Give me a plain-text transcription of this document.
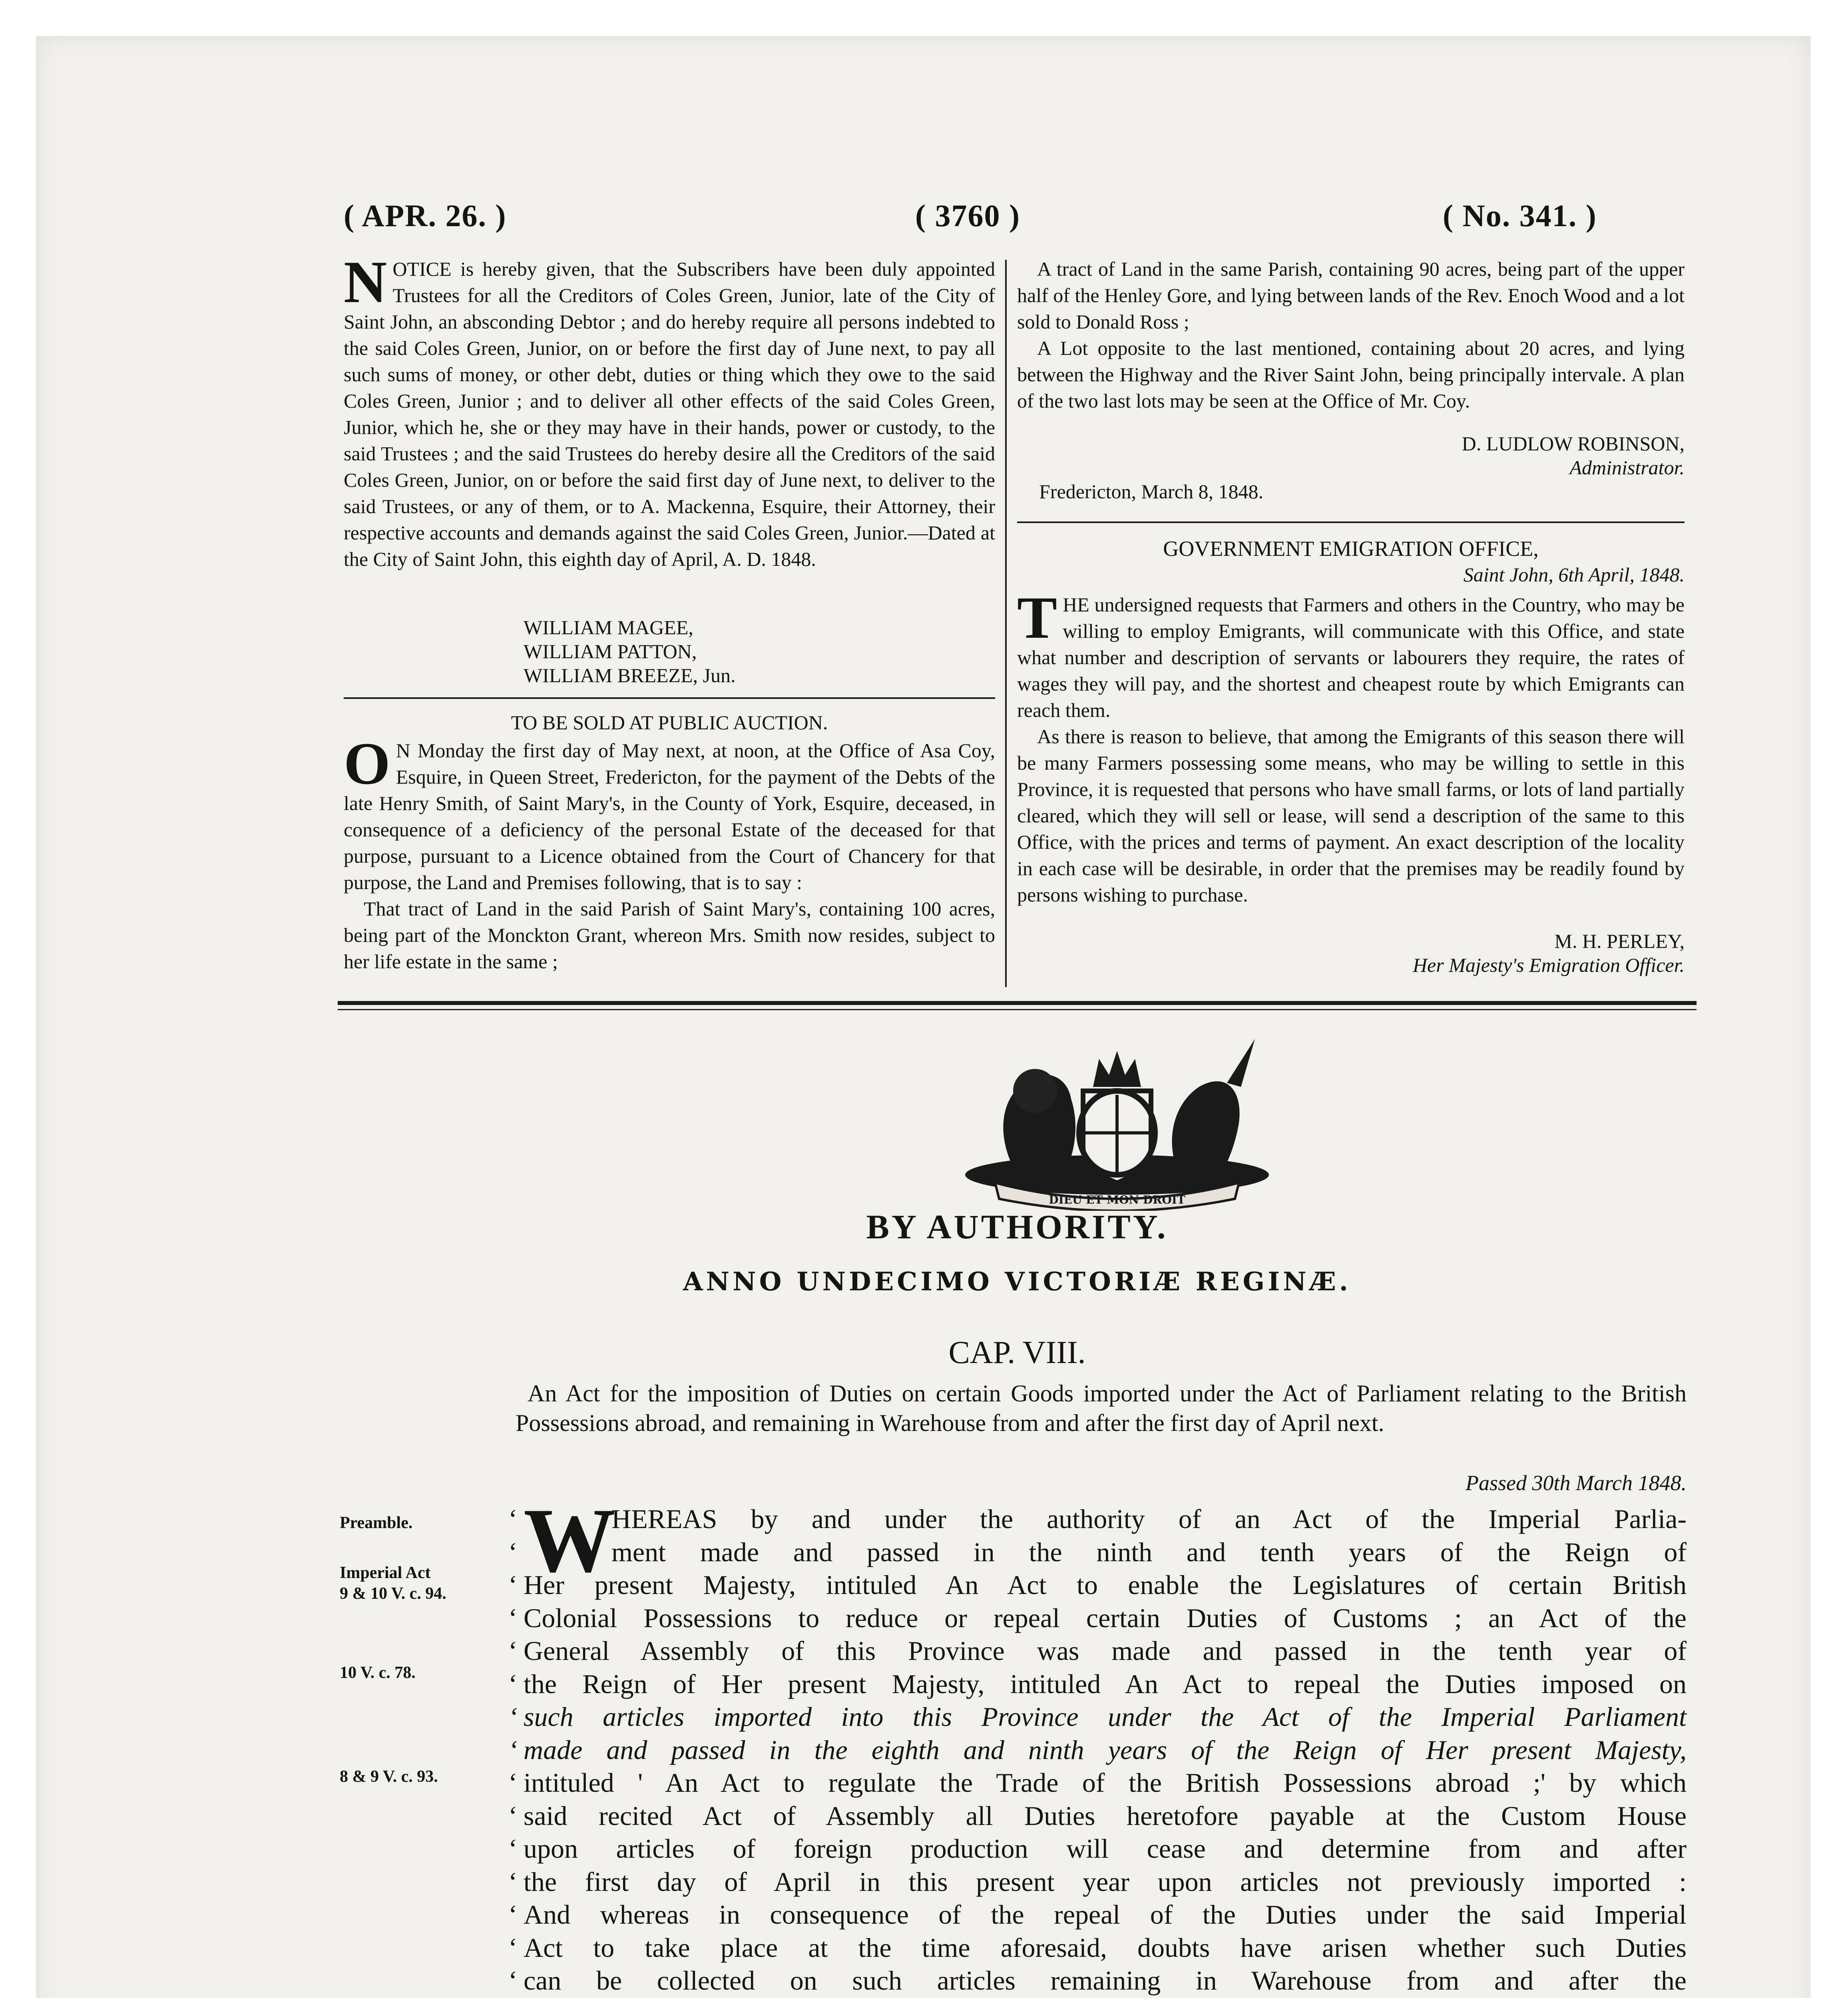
( APR. 26. )	( 3760 )	( No. 341. )
N OTICE is hereby given, that the Subscribers have been duly appointed Trustees for all the Creditors of Coles Green, Junior, late of the City of Saint John, an absconding Debtor ; and do hereby require all persons indebted to the said Coles Green, Junior, on or before the first day of June next, to pay all such sums of money, or other debt, duties or thing which they owe to the said Coles Green, Junior ; and to deliver all other effects of the said Coles Green, Junior, which he, she or they may have in their hands, power or custody, to the said Trustees ; and the said Trustees do hereby desire all the Creditors of the said Coles Green, Junior, on or before the said first day of June next, to deliver to the said Trustees, or any of them, or to A. Mackenna, Esquire, their Attorney, their respective accounts and demands against the said Coles Green, Junior.—Dated at the City of Saint John, this eighth day of April, A. D. 1848.

WILLIAM MAGEE,
WILLIAM PATTON,
WILLIAM BREEZE, Jun.
TO BE SOLD AT PUBLIC AUCTION.
O N Monday the first day of May next, at noon, at the Office of Asa Coy, Esquire, in Queen Street, Fredericton, for the payment of the Debts of the late Henry Smith, of Saint Mary's, in the County of York, Esquire, deceased, in consequence of a deficiency of the personal Estate of the deceased for that purpose, pursuant to a Licence obtained from the Court of Chancery for that purpose, the Land and Premises following, that is to say :

That tract of Land in the said Parish of Saint Mary's, containing 100 acres, being part of the Monckton Grant, whereon Mrs. Smith now resides, subject to her life estate in the same ;

A tract of Land in the same Parish, containing 90 acres, being part of the upper half of the Henley Gore, and lying between lands of the Rev. Enoch Wood and a lot sold to Donald Ross ;

A Lot opposite to the last mentioned, containing about 20 acres, and lying between the Highway and the River Saint John, being principally intervale. A plan of the two last lots may be seen at the Office of Mr. Coy.

D. LUDLOW ROBINSON,
Administrator.
Fredericton, March 8, 1848.
GOVERNMENT EMIGRATION OFFICE,
Saint John, 6th April, 1848.
T HE undersigned requests that Farmers and others in the Country, who may be willing to employ Emigrants, will communicate with this Office, and state what number and description of servants or labourers they require, the rates of wages they will pay, and the shortest and cheapest route by which Emigrants can reach them.

As there is reason to believe, that among the Emigrants of this season there will be many Farmers possessing some means, who may be willing to settle in this Province, it is requested that persons who have small farms, or lots of land partially cleared, which they will sell or lease, will send a description of the same to this Office, with the prices and terms of payment. An exact description of the locality in each case will be desirable, in order that the premises may be readily found by persons wishing to purchase.

M. H. PERLEY,
Her Majesty's Emigration Officer.
DIEU ET MON DROIT
BY AUTHORITY.
ANNO UNDECIMO VICTORIÆ REGINÆ.
CAP. VIII.
An Act for the imposition of Duties on certain Goods imported under the Act of Parliament relating to the British Possessions abroad, and remaining in Warehouse from and after the first day of April next.
Passed 30th March 1848.
Preamble.
Imperial Act
9 & 10 V. c. 94.
10 V. c. 78.
8 & 9 V. c. 93.
W
HEREAS by and under the authority of an Act of the Imperial Parlia-
ment made and passed in the ninth and tenth years of the Reign of
Her present Majesty, intituled An Act to enable the Legislatures of certain British
Colonial Possessions to reduce or repeal certain Duties of Customs ; an Act of the
General Assembly of this Province was made and passed in the tenth year of
the Reign of Her present Majesty, intituled An Act to repeal the Duties imposed on
such articles imported into this Province under the Act of the Imperial Parliament
made and passed in the eighth and ninth years of the Reign of Her present Majesty,
intituled ' An Act to regulate the Trade of the British Possessions abroad ;' by which
said recited Act of Assembly all Duties heretofore payable at the Custom House
upon articles of foreign production will cease and determine from and after
the first day of April in this present year upon articles not previously imported :
And whereas in consequence of the repeal of the Duties under the said Imperial
Act to take place at the time aforesaid, doubts have arisen whether such Duties
can be collected on such articles remaining in Warehouse from and after the
